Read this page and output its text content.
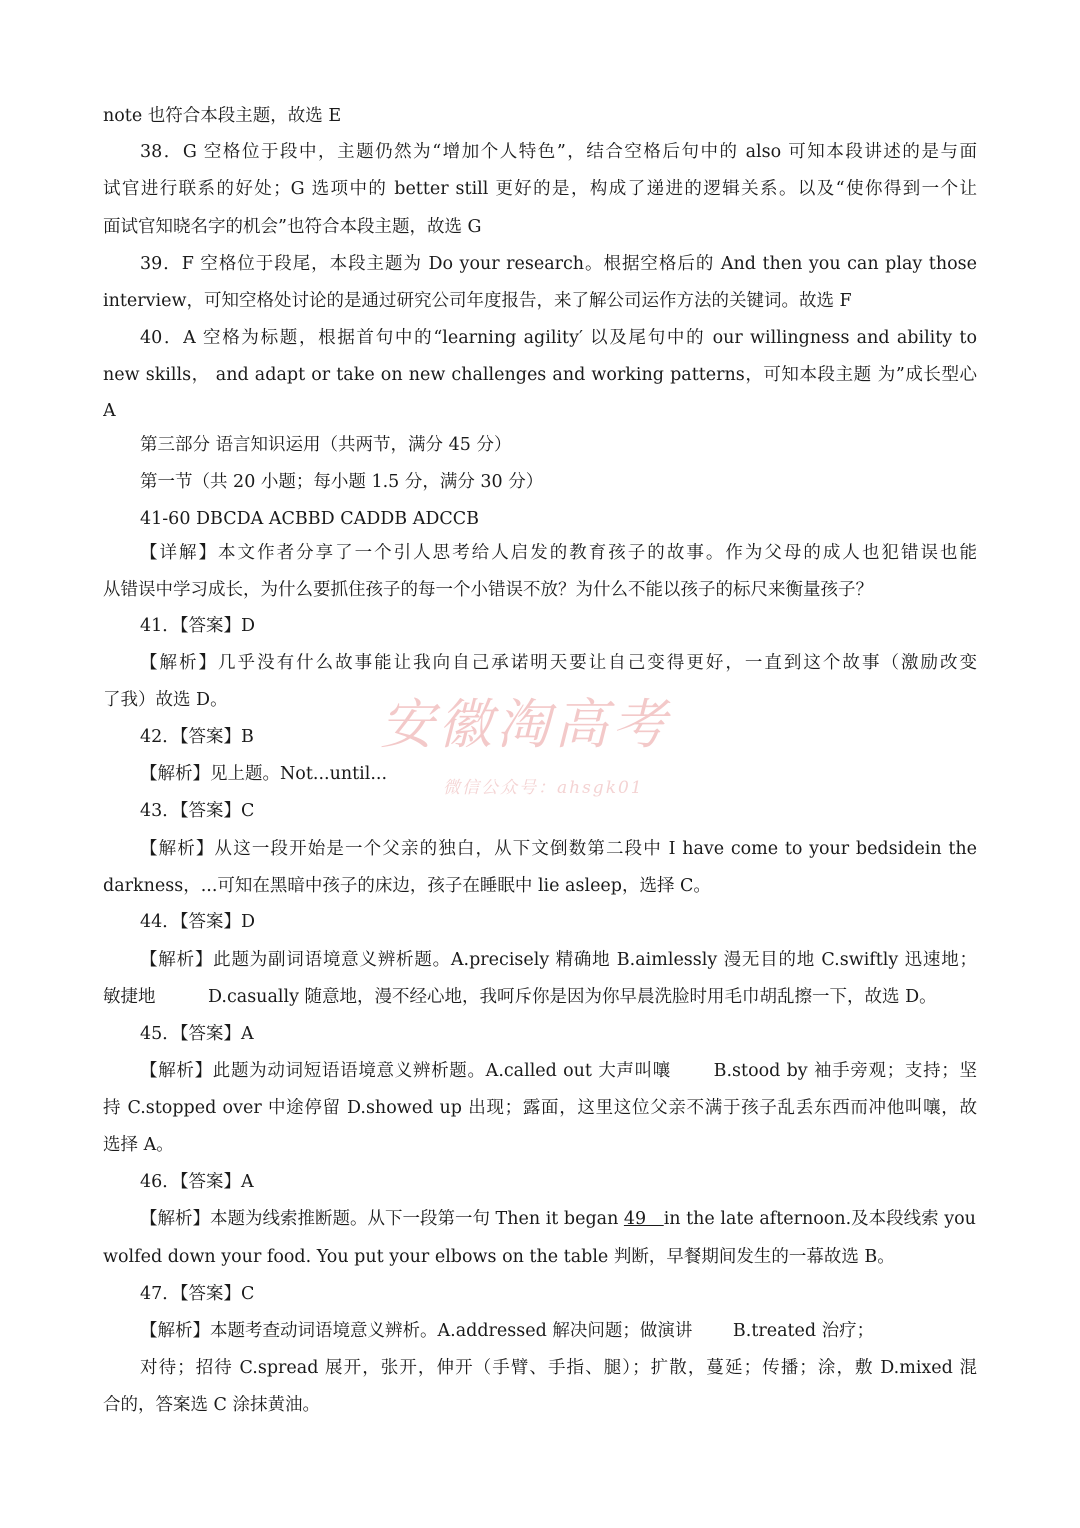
note 也符合本段主题，故选 E
38．G 空格位于段中，主题仍然为“增加个人特色”，结合空格后句中的 also 可知本段讲述的是与面
试官进行联系的好处；G 选项中的 better still 更好的是，构成了递进的逻辑关系。以及“使你得到一个让
面试官知晓名字的机会”也符合本段主题，故选 G
39．F 空格位于段尾，本段主题为 Do your research。根据空格后的 And then you can play those
interview，可知空格处讨论的是通过研究公司年度报告，来了解公司运作方法的关键词。故选 F
40．A 空格为标题，根据首句中的“learning agility′ 以及尾句中的 our willingness and ability to
new skills， and adapt or take on new challenges and working patterns，可知本段主题 为”成长型心
A
第三部分 语言知识运用（共两节，满分 45 分）
第一节（共 20 小题；每小题 1.5 分，满分 30 分）
41-60 DBCDA ACBBD CADDB ADCCB
【详解】本文作者分享了一个引人思考给人启发的教育孩子的故事。作为父母的成人也犯错误也能
从错误中学习成长，为什么要抓住孩子的每一个小错误不放？为什么不能以孩子的标尺来衡量孩子？
41．【答案】D
【解析】几乎没有什么故事能让我向自己承诺明天要让自己变得更好，一直到这个故事（激励改变
了我）故选 D。
42．【答案】B
【解析】见上题。Not...until...
43．【答案】C
【解析】从这一段开始是一个父亲的独白，从下文倒数第二段中 I have come to your bedsidein the
darkness，...可知在黑暗中孩子的床边，孩子在睡眠中 lie asleep，选择 C。
44．【答案】D
【解析】此题为副词语境意义辨析题。A.precisely 精确地 B.aimlessly 漫无目的地 C.swiftly 迅速地；
敏捷地　　　D.casually 随意地，漫不经心地，我呵斥你是因为你早晨洗脸时用毛巾胡乱擦一下，故选 D。
45．【答案】A
【解析】此题为动词短语语境意义辨析题。A.called out 大声叫嚷　　 B.stood by 袖手旁观；支持；坚
持 C.stopped over 中途停留 D.showed up 出现；露面，这里这位父亲不满于孩子乱丢东西而冲他叫嚷，故
选择 A。
46．【答案】A
【解析】本题为线索推断题。从下一段第一句 Then it began 49　in the late afternoon.及本段线索 you
wolfed down your food. You put your elbows on the table 判断，早餐期间发生的一幕故选 B。
47．【答案】C
【解析】本题考查动词语境意义辨析。A.addressed 解决问题；做演讲　　 B.treated 治疗；
对待；招待 C.spread 展开，张开，伸开（手臂、手指、腿）；扩散，蔓延；传播；涂，敷 D.mixed 混
合的，答案选 C 涂抹黄油。
安徽淘高考
微信公众号：ahsgk01
